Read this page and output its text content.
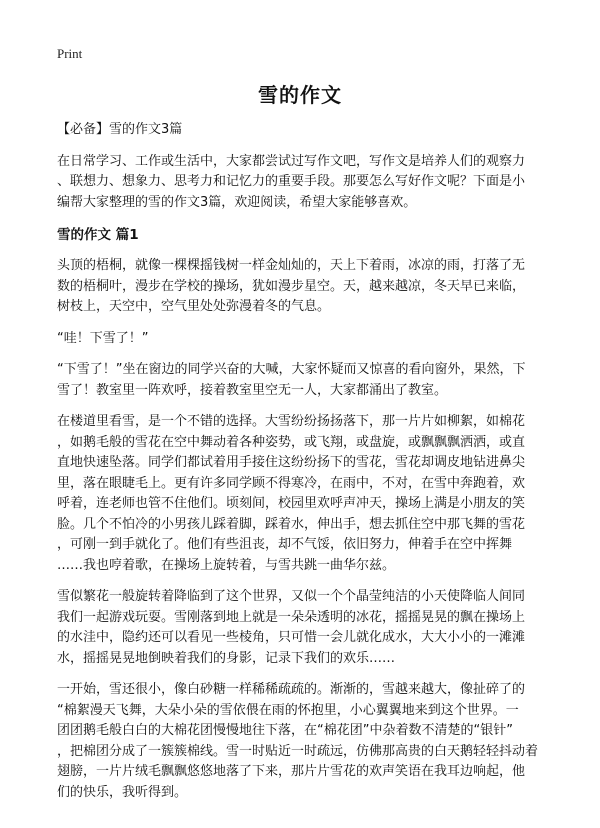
Print
雪的作文
【必备】雪的作文3篇
在日常学习、工作或生活中，大家都尝试过写作文吧，写作文是培养人们的观察力
、联想力、想象力、思考力和记忆力的重要手段。那要怎么写好作文呢？下面是小
编帮大家整理的雪的作文3篇，欢迎阅读，希望大家能够喜欢。
雪的作文 篇1
头顶的梧桐，就像一棵棵摇钱树一样金灿灿的，天上下着雨，冰凉的雨，打落了无
数的梧桐叶，漫步在学校的操场，犹如漫步星空。天，越来越凉，冬天早已来临，
树枝上，天空中，空气里处处弥漫着冬的气息。
“哇！下雪了！”
“下雪了！”坐在窗边的同学兴奋的大喊，大家怀疑而又惊喜的看向窗外，果然，下
雪了！教室里一阵欢呼，接着教室里空无一人，大家都涌出了教室。
在楼道里看雪，是一个不错的选择。大雪纷纷扬扬落下，那一片片如柳絮，如棉花
，如鹅毛般的雪花在空中舞动着各种姿势，或飞翔，或盘旋，或飘飘飘洒洒，或直
直地快速坠落。同学们都试着用手接住这纷纷扬下的雪花，雪花却调皮地钻进鼻尖
里，落在眼睫毛上。更有许多同学顾不得寒冷，在雨中，不对，在雪中奔跑着，欢
呼着，连老师也管不住他们。顷刻间，校园里欢呼声冲天，操场上满是小朋友的笑
脸。几个不怕冷的小男孩儿踩着脚，踩着水，伸出手，想去抓住空中那飞舞的雪花
，可刚一到手就化了。他们有些沮丧，却不气馁，依旧努力，伸着手在空中挥舞
……我也哼着歌，在操场上旋转着，与雪共跳一曲华尔兹。
雪似繁花一般旋转着降临到了这个世界，又似一个个晶莹纯洁的小天使降临人间同
我们一起游戏玩耍。雪刚落到地上就是一朵朵透明的冰花，摇摇晃晃的飘在操场上
的水洼中，隐约还可以看见一些棱角，只可惜一会儿就化成水，大大小小的一滩滩
水，摇摇晃晃地倒映着我们的身影，记录下我们的欢乐……
一开始，雪还很小，像白砂糖一样稀稀疏疏的。渐渐的，雪越来越大，像扯碎了的
“棉絮漫天飞舞，大朵小朵的雪依偎在雨的怀抱里，小心翼翼地来到这个世界。一
团团鹅毛般白白的大棉花团慢慢地往下落，在“棉花团”中杂着数不清楚的“银针”
，把棉团分成了一簇簇棉线。雪一时贴近一时疏远，仿佛那高贵的白天鹅轻轻抖动着
翅膀，一片片绒毛飘飘悠悠地落了下来，那片片雪花的欢声笑语在我耳边响起，他
们的快乐，我听得到。
